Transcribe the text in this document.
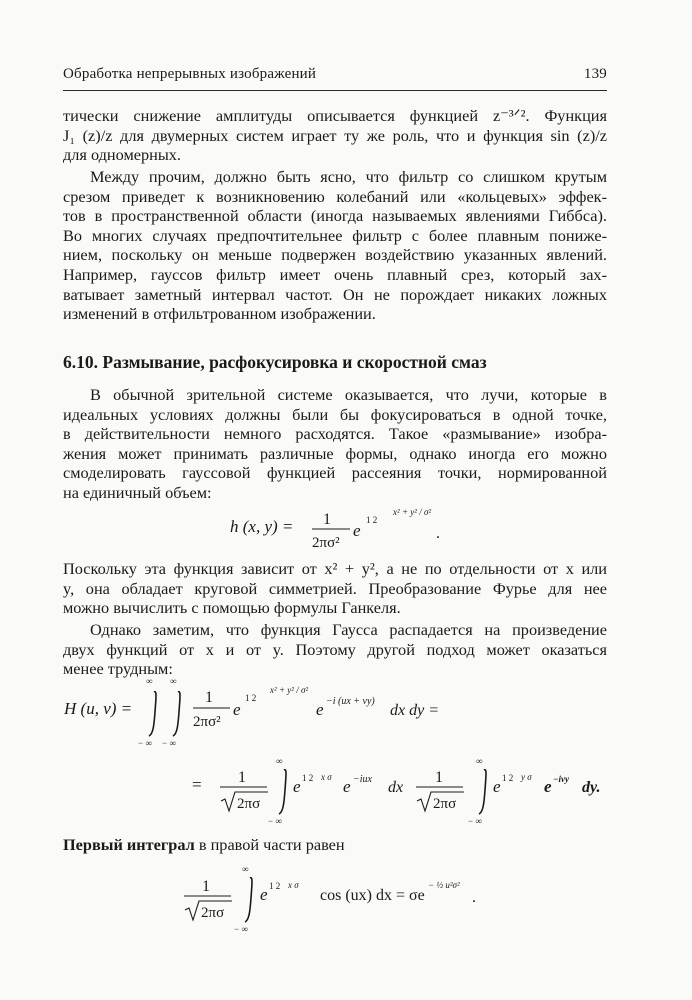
Обработка непрерывных изображений	139
тически снижение амплитуды описывается функцией z⁻³ᐟ². Функция
J₁ (z)/z для двумерных систем играет ту же роль, что и функция sin (z)/z
для одномерных.
Между прочим, должно быть ясно, что фильтр со слишком крутым
срезом приведет к возникновению колебаний или «кольцевых» эффек-
тов в пространственной области (иногда называемых явлениями Гиббса).
Во многих случаях предпочтительнее фильтр с более плавным пониже-
нием, поскольку он меньше подвержен воздействию указанных явлений.
Например, гауссов фильтр имеет очень плавный срез, который зах-
ватывает заметный интервал частот. Он не порождает никаких ложных
изменений в отфильтрованном изображении.
6.10. Размывание, расфокусировка и скоростной смаз
В обычной зрительной системе оказывается, что лучи, которые в
идеальных условиях должны были бы фокусироваться в одной точке,
в действительности немного расходятся. Такое «размывание» изобра-
жения может принимать различные формы, однако иногда его можно
смоделировать гауссовой функцией рассеяния точки, нормированной
на единичный объем:
h (x, y) = 1
2πσ²
e
1 2
x² + y² / σ²
.
Поскольку эта функция зависит от x² + y², а не по отдельности от x или
y, она обладает круговой симметрией. Преобразование Фурье для нее
можно вычислить с помощью формулы Ганкеля.
Однако заметим, что функция Гаусса распадается на произведение
двух функций от x и от y. Поэтому другой подход может оказаться
менее трудным:
H (u, v) =
∞
− ∞
∞
− ∞
1
2πσ²
e
1 2
x² + y² / σ²
e −i (ux + vy)
dx dy =
= 1
2πσ
∞
− ∞
e 1 2 x σ e −iux dx
1
2πσ
∞
− ∞
e 1 2 y σ e −ivy dy.
Первый интеграл в правой части равен
1
2πσ
∞
− ∞
e 1 2 x σ
cos (ux) dx = σe
− ½ u²σ²
.
